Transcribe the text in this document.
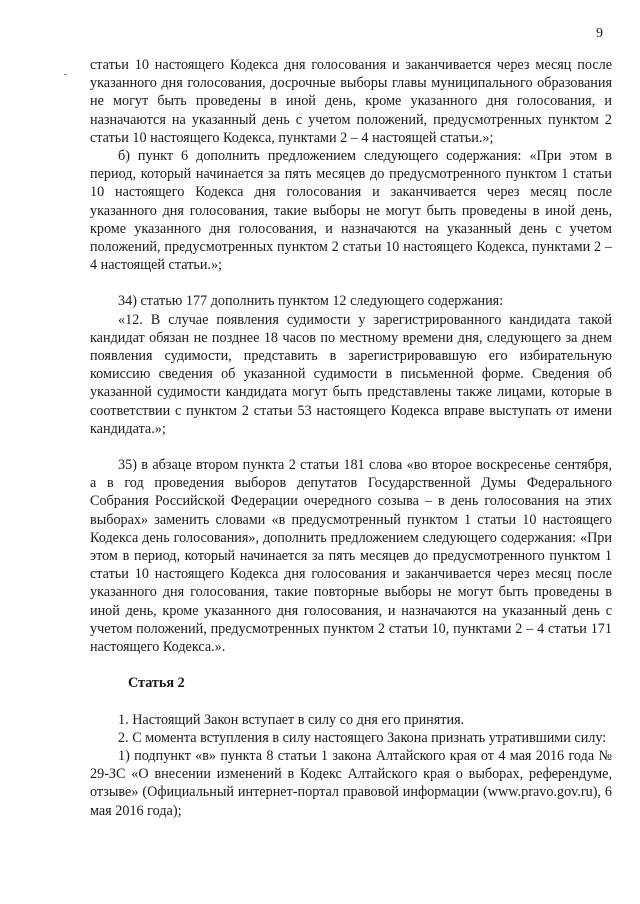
9

статьи 10 настоящего Кодекса дня голосования и заканчивается через месяц после указанного дня голосования, досрочные выборы главы муниципального образования не могут быть проведены в иной день, кроме указанного дня голосования, и назначаются на указанный день с учетом положений, предусмотренных пунктом 2 статьи 10 настоящего Кодекса, пунктами 2 – 4 настоящей статьи.»;

б) пункт 6 дополнить предложением следующего содержания: «При этом в период, который начинается за пять месяцев до предусмотренного пунктом 1 статьи 10 настоящего Кодекса дня голосования и заканчивается через месяц после указанного дня голосования, такие выборы не могут быть проведены в иной день, кроме указанного дня голосования, и назначаются на указанный день с учетом положений, предусмотренных пунктом 2 статьи 10 настоящего Кодекса, пунктами 2 – 4 настоящей статьи.»;

34) статью 177 дополнить пунктом 12 следующего содержания:

«12. В случае появления судимости у зарегистрированного кандидата такой кандидат обязан не позднее 18 часов по местному времени дня, следующего за днем появления судимости, представить в зарегистрировавшую его избирательную комиссию сведения об указанной судимости в письменной форме. Сведения об указанной судимости кандидата могут быть представлены также лицами, которые в соответствии с пунктом 2 статьи 53 настоящего Кодекса вправе выступать от имени кандидата.»;

35) в абзаце втором пункта 2 статьи 181 слова «во второе воскресенье сентября, а в год проведения выборов депутатов Государственной Думы Федерального Собрания Российской Федерации очередного созыва – в день голосования на этих выборах» заменить словами «в предусмотренный пунктом 1 статьи 10 настоящего Кодекса день голосования», дополнить предложением следующего содержания: «При этом в период, который начинается за пять месяцев до предусмотренного пунктом 1 статьи 10 настоящего Кодекса дня голосования и заканчивается через месяц после указанного дня голосования, такие повторные выборы не могут быть проведены в иной день, кроме указанного дня голосования, и назначаются на указанный день с учетом положений, предусмотренных пунктом 2 статьи 10, пунктами 2 – 4 статьи 171 настоящего Кодекса.».

Статья 2

1. Настоящий Закон вступает в силу со дня его принятия.

2. С момента вступления в силу настоящего Закона признать утратившими силу:

1) подпункт «в» пункта 8 статьи 1 закона Алтайского края от 4 мая 2016 года № 29-ЗС «О внесении изменений в Кодекс Алтайского края о выборах, референдуме, отзыве» (Официальный интернет-портал правовой информации (www.pravo.gov.ru), 6 мая 2016 года);
